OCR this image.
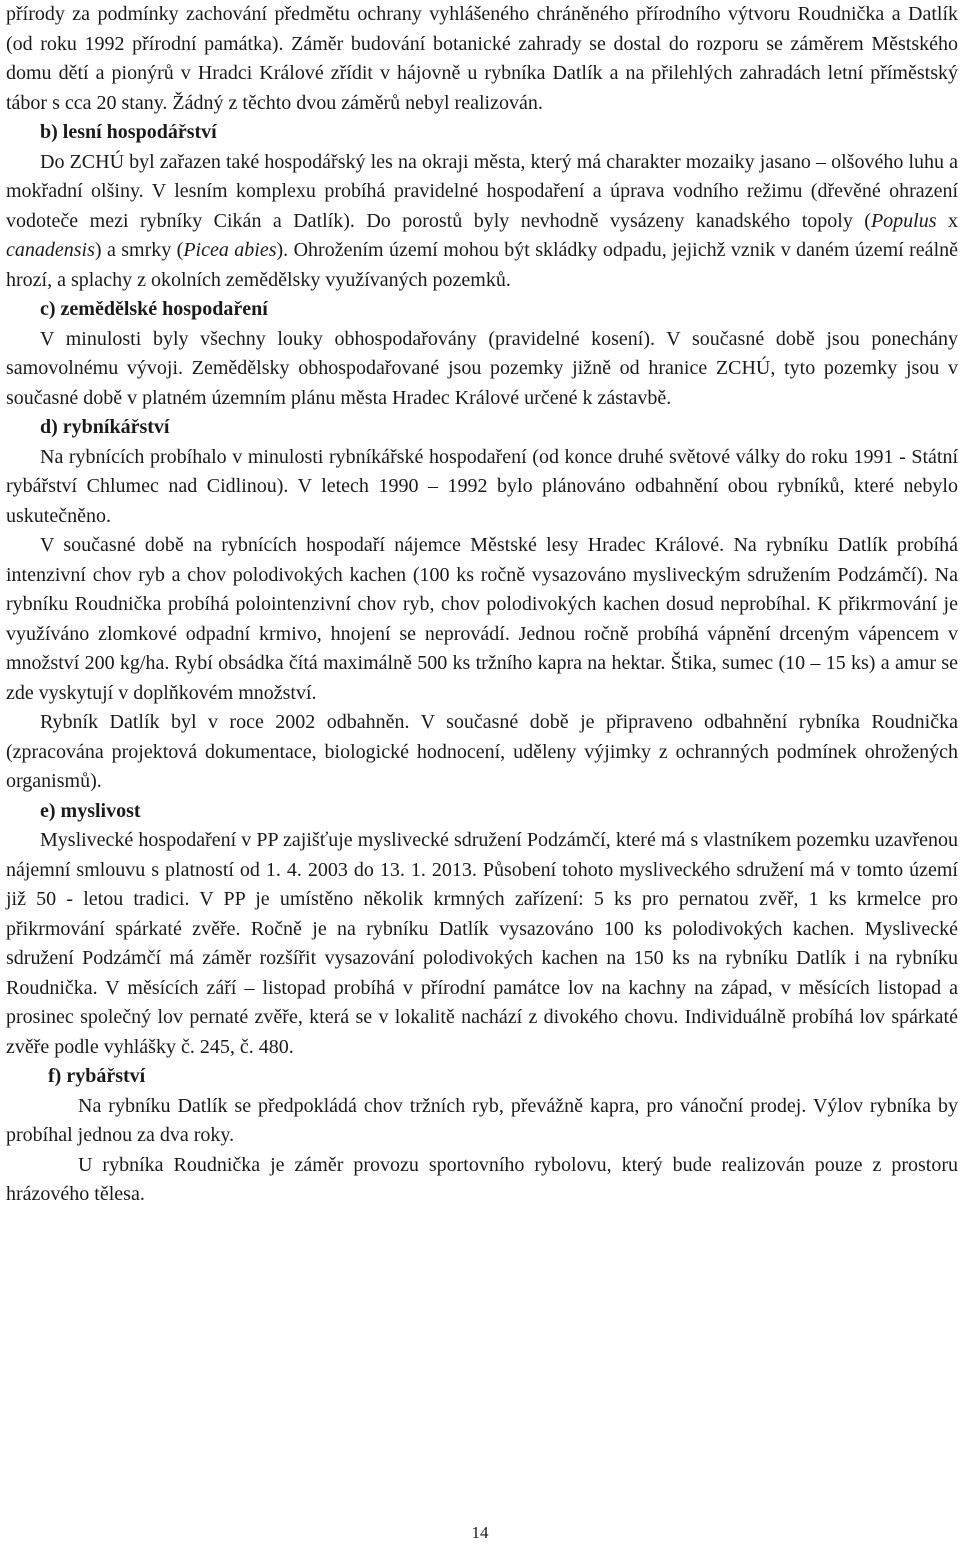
přírody za podmínky zachování předmětu ochrany vyhlášeného chráněného přírodního výtvoru Roudnička a Datlík (od roku 1992 přírodní památka). Záměr budování botanické zahrady se dostal do rozporu se záměrem Městského domu dětí a pionýrů v Hradci Králové zřídit v hájovně u rybníka Datlík a na přilehlých zahradách letní příměstský tábor s cca 20 stany. Žádný z těchto dvou záměrů nebyl realizován.

b) lesní hospodářství

Do ZCHÚ byl zařazen také hospodářský les na okraji města, který má charakter mozaiky jasano – olšového luhu a mokřadní olšiny. V lesním komplexu probíhá pravidelné hospodaření a úprava vodního režimu (dřevěné ohrazení vodoteče mezi rybníky Cikán a Datlík). Do porostů byly nevhodně vysázeny kanadského topoly (Populus x canadensis) a smrky (Picea abies). Ohrožením území mohou být skládky odpadu, jejichž vznik v daném území reálně hrozí, a splachy z okolních zemědělsky využívaných pozemků.

c) zemědělské hospodaření

V minulosti byly všechny louky obhospodařovány (pravidelné kosení). V současné době jsou ponechány samovolnému vývoji. Zemědělsky obhospodařované jsou pozemky jižně od hranice ZCHÚ, tyto pozemky jsou v současné době v platném územním plánu města Hradec Králové určené k zástavbě.

d) rybníkářství

Na rybnících probíhalo v minulosti rybníkářské hospodaření (od konce druhé světové války do roku 1991 - Státní rybářství Chlumec nad Cidlinou). V letech 1990 – 1992 bylo plánováno odbahnění obou rybníků, které nebylo uskutečněno.

V současné době na rybnících hospodaří nájemce Městské lesy Hradec Králové. Na rybníku Datlík probíhá intenzivní chov ryb a chov polodivokých kachen (100 ks ročně vysazováno mysliveckým sdružením Podzámčí). Na rybníku Roudnička probíhá polointenzivní chov ryb, chov polodivokých kachen dosud neprobíhal. K přikrmování je využíváno zlomkové odpadní krmivo, hnojení se neprovádí. Jednou ročně probíhá vápnění drceným vápencem v množství 200 kg/ha. Rybí obsádka čítá maximálně 500 ks tržního kapra na hektar. Štika, sumec (10 – 15 ks) a amur se zde vyskytují v doplňkovém množství.

Rybník Datlík byl v roce 2002 odbahněn. V současné době je připraveno odbahnění rybníka Roudnička (zpracována projektová dokumentace, biologické hodnocení, uděleny výjimky z ochranných podmínek ohrožených organismů).

e) myslivost

Myslivecké hospodaření v PP zajišťuje myslivecké sdružení Podzámčí, které má s vlastníkem pozemku uzavřenou nájemní smlouvu s platností od 1. 4. 2003 do 13. 1. 2013. Působení tohoto mysliveckého sdružení má v tomto území již 50 - letou tradici. V PP je umístěno několik krmných zařízení: 5 ks pro pernatou zvěř, 1 ks krmelce pro přikrmování spárkaté zvěře. Ročně je na rybníku Datlík vysazováno 100 ks polodivokých kachen. Myslivecké sdružení Podzámčí má záměr rozšířit vysazování polodivokých kachen na 150 ks na rybníku Datlík i na rybníku Roudnička. V měsících září – listopad probíhá v přírodní památce lov na kachny na západ, v měsících listopad a prosinec společný lov pernaté zvěře, která se v lokalitě nachází z divokého chovu. Individuálně probíhá lov spárkaté zvěře podle vyhlášky č. 245, č. 480.

f) rybářství

Na rybníku Datlík se předpokládá chov tržních ryb, převážně kapra, pro vánoční prodej. Výlov rybníka by probíhal jednou za dva roky.

U rybníka Roudnička je záměr provozu sportovního rybolovu, který bude realizován pouze z prostoru hrázového tělesa.

14
